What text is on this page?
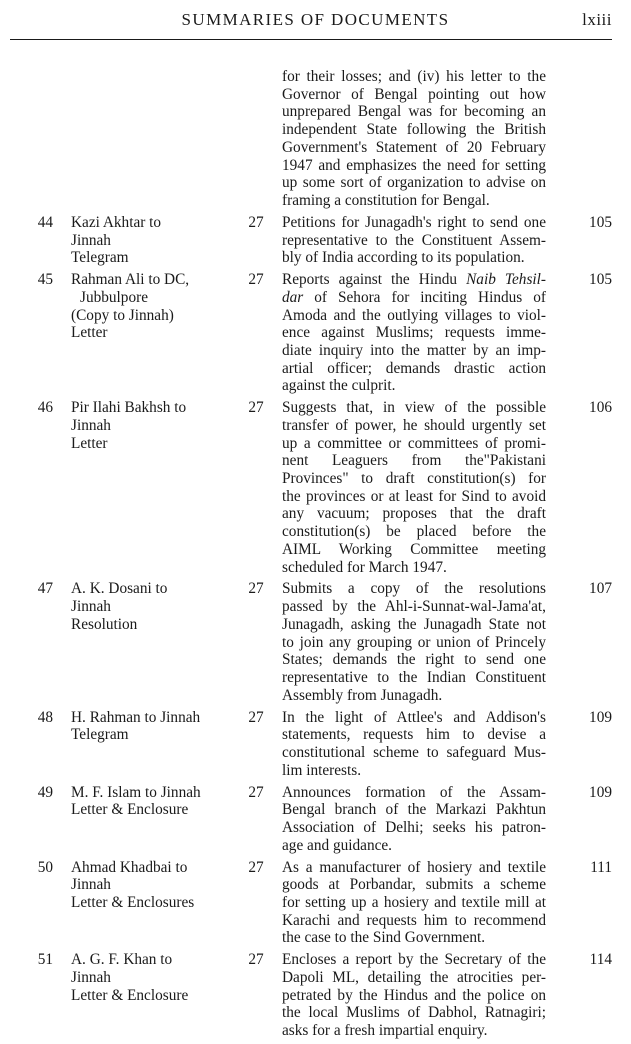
SUMMARIES OF DOCUMENTS	lxiii
for their losses; and (iv) his letter to the
Governor of Bengal pointing out how
unprepared Bengal was for becoming an
independent State following the British
Government's Statement of 20 February
1947 and emphasizes the need for setting
up some sort of organization to advise on
framing a constitution for Bengal.
44 Kazi Akhtar to
Jinnah
Telegram
27 Petitions for Junagadh's right to send one
representative to the Constituent Assem-
bly of India according to its population.
105
45 Rahman Ali to DC,
Jubbulpore
(Copy to Jinnah)
Letter
27 Reports against the Hindu Naib Tehsil-
dar of Sehora for inciting Hindus of
Amoda and the outlying villages to viol-
ence against Muslims; requests imme-
diate inquiry into the matter by an imp-
artial officer; demands drastic action
against the culprit.
105
46 Pir Ilahi Bakhsh to
Jinnah
Letter
27 Suggests that, in view of the possible
transfer of power, he should urgently set
up a committee or committees of promi-
nent Leaguers from the"Pakistani
Provinces" to draft constitution(s) for
the provinces or at least for Sind to avoid
any vacuum; proposes that the draft
constitution(s) be placed before the
AIML Working Committee meeting
scheduled for March 1947.
106
47 A. K. Dosani to
Jinnah
Resolution
27 Submits a copy of the resolutions
passed by the Ahl-i-Sunnat-wal-Jama'at,
Junagadh, asking the Junagadh State not
to join any grouping or union of Princely
States; demands the right to send one
representative to the Indian Constituent
Assembly from Junagadh.
107
48 H. Rahman to Jinnah
Telegram
27 In the light of Attlee's and Addison's
statements, requests him to devise a
constitutional scheme to safeguard Mus-
lim interests.
109
49 M. F. Islam to Jinnah
Letter & Enclosure
27 Announces formation of the Assam-
Bengal branch of the Markazi Pakhtun
Association of Delhi; seeks his patron-
age and guidance.
109
50 Ahmad Khadbai to
Jinnah
Letter & Enclosures
27 As a manufacturer of hosiery and textile
goods at Porbandar, submits a scheme
for setting up a hosiery and textile mill at
Karachi and requests him to recommend
the case to the Sind Government.
111
51 A. G. F. Khan to
Jinnah
Letter & Enclosure
27 Encloses a report by the Secretary of the
Dapoli ML, detailing the atrocities per-
petrated by the Hindus and the police on
the local Muslims of Dabhol, Ratnagiri;
asks for a fresh impartial enquiry.
114
